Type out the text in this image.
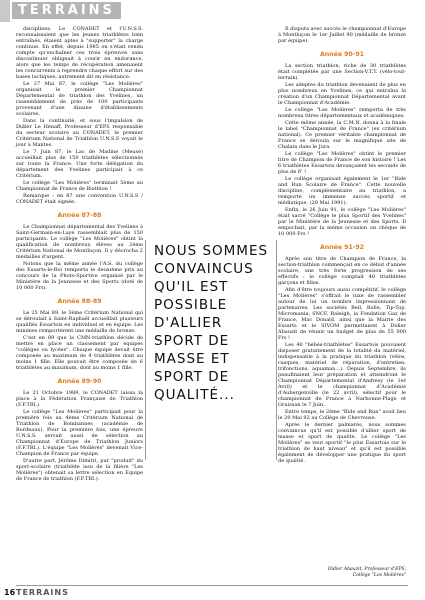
TERRAINS

disciplines. Le CONADET et l'U.N.S.S. reconnaissaient que les jeunes triathlètes bien entraînés, étaient aptes à "supporter" la charge continue. En effet, depuis 1985 on s'était rendu compte qu'enchaîner ces trois épreuves sans discontinuer obligeait à courir en endurance, alors que les temps de récupération amenaient les concurrents à reprendre chaque effort sur des bases tactiques; autrement dit en résistance.

Le 27 Mai 87, le collège "Les Molières" organisait le premier Championnat Départemental de triathlon des Yvelines, un rassemblement de près de 100 participants provenant d'une dizaine d'établissements scolaires.

Dans la continuité, et sous l'impulsion de Didier Le Hénaff, Professeur d'EPS responsable du secteur scolaire au CONADET, le premier Critérium National de Triathlon U.N.S.S voyait le jour à Mantes.

Le 7 Juin 87, le Lac de Madine (Meuse) accueillait plus de 150 triathlètes sélectionnés sur toute la France. Une forte délégation du département des Yvelines participait à ce Critérium.

Le collège "Les Molières" terminait 5ème au Championnat de France de Biathlon !

Remarque : en 87 une convention U.N.S.S / CONADET était signée.

Année 87-88

Le Championnat départemental des Yvelines à Saint-Germain-en-Laye rassemblait plus de 150 participants. Le collège "Les Molières" obtint la qualification de nombreux élèves au 2ème Critérium National de Montluçon. Il y décrocha 2 médailles d'argent.

Notons que la même année l'A.S. du collège des Essarts-le-Roi remporta le deuxième prix au concours de la Photo-Sportive organisé par le Ministère de la Jeunesse et des Sports (doté de 10 000 Frs).

Année 88-89

Le 25 Mai 89, le 3ème Critérium National qui se déroulait à Saint-Raphaël accueillait plusieurs qualifiés Essartois en individuel et en équipe. Les minimes remportèrent une médaille de bronze.

C'est en 89 que la CMN-triathlon décide de mettre en place un classement par équipes "collèges ou lycées". Chaque équipe devait être composée au maximum de 4 triathlètes dont au moins 1 fille. Elle pouvait être composée de 6 triathlètes au maximum, dont au moins 1 fille.

Année 89-90

Le 21 Octobre 1989, le CONADET laissa la place à la Fédération Française de Triathlon (F.F.TRI.).

Le collège "Les Molières" participait pour la première fois au 4ème Critérium National de Triathlon de Bombannes (académie de Bordeaux). Pour la première fois, une épreuve U.N.S.S. servait aussi de sélection au Championnat d'Europe de Triathlon Juniors (F.F.TRI.). L'équipe "Les Molières" devenait Vice-Champion de France par équipe.

D'autre part, Jérôme Dimitri, pur "produit" du sport-scolaire (triathlète issu de la filière "Les Molières") obtenait sa lettre sélection en Equipe de France de triathlon (F.F.TRI.).

NOUS SOMMES CONVAINCUS QU'IL EST POSSIBLE D'ALLIER SPORT DE MASSE ET SPORT DE QUALITÉ...

Il disputa avec succès le championnat d'Europe à Montluçon le 1er Juillet 90 (médaille de bronze par équipe).

Année 90-91

La section triathlon, riche de 30 triathlètes était complétée par une Section-V.T.T. (vélo-tout-terrain).

Les adeptes du triathlon devenaient de plus en plus nombreux en Yvelines, ce qui entraîna la création d'un Championnat Départemental avant le Championnat d'Académie.

Le collège "Les Molières" remporta de très nombreux titres départementaux et académiques.

Cette même année, la C.M.N. donna à la finale le label "Championnat de France" (ex critérium national). Ce premier véritable championnat de France se déroula sur le magnifique site de Chalain dans le Jura.

Le collège "Les Molières" obtint le premier titre de Champion de France de son histoire ! Les 6 triathlètes Essartois devançaient les seconds de plus de 6' !

Le collège organisait également le 1er "Ride and Run Scolaire de France". Cette nouvelle discipline, complémentaire au triathlon, a remporté un immense succès sportif et médiatique. (29 Mai 1991).

Enfin, le 26 Juin 91, le collège "Les Molières" était sacré "Collège le plus Sportif des Yvelines" par le Ministère de la Jeunesse et des Sports. Il empochait, par la même occasion un chèque de 10 000 Frs !

Année 91-92

Après son titre de Champion de France, la section-triathlon commençait en ce début d'année scolaire, une très forte progression de ses effectifs : le collège comptait 40 triathlètes garçons et filles.

Afin d'être toujours aussi compétitif, le collège "Les Molières" s'offrait le luxe de rassembler autour de lui un nombre impressionnant de partenaires. Les sociétés Bell, Bolle, Tip-Top, Micromania, SNCF, Raleigh, la Fondation Gaz de France, Mac Donald, ainsi que la Mairie des Essarts et le SIVOM permettaient à Didier Abauzit de réunir un budget de plus de 55 000 Frs !

Les 40 "bébés-triathlètes" Essartois pouvaient disposer gratuitement de la totalité du matériel, indispensable à la pratique du triathlon (vélos, casques, matériel de réparation, d'entretien, trifonctions, aquaman...). Depuis Septembre, ils peaufinaient leur préparation et atteindront le Championnat Départemental d'Andresy (le 1er Avril) et le championnat d'Académie d'Aubergenville (le 22 avril), sélectif pour le championnat de France à Narbonne-Plage et Gruissan le 7 Juin.

Entre temps, le 2ème "Ride and Run" avait lieu le 20 Mai 92 au Collège de Chevreuse.

Après le dernier palmarès, nous sommes convaincus qu'il est possible d'allier sport de masse et sport de qualité. Le collège "Les Molières" se veut sportif "le plus Essartois sur le triathlon de haut niveau" et qu'il est possible également de développer une pratique du sport de qualité.

Didier Abauzit, Professeur d'EPS,
Collège "Les Molières"
16 TERRAINS
